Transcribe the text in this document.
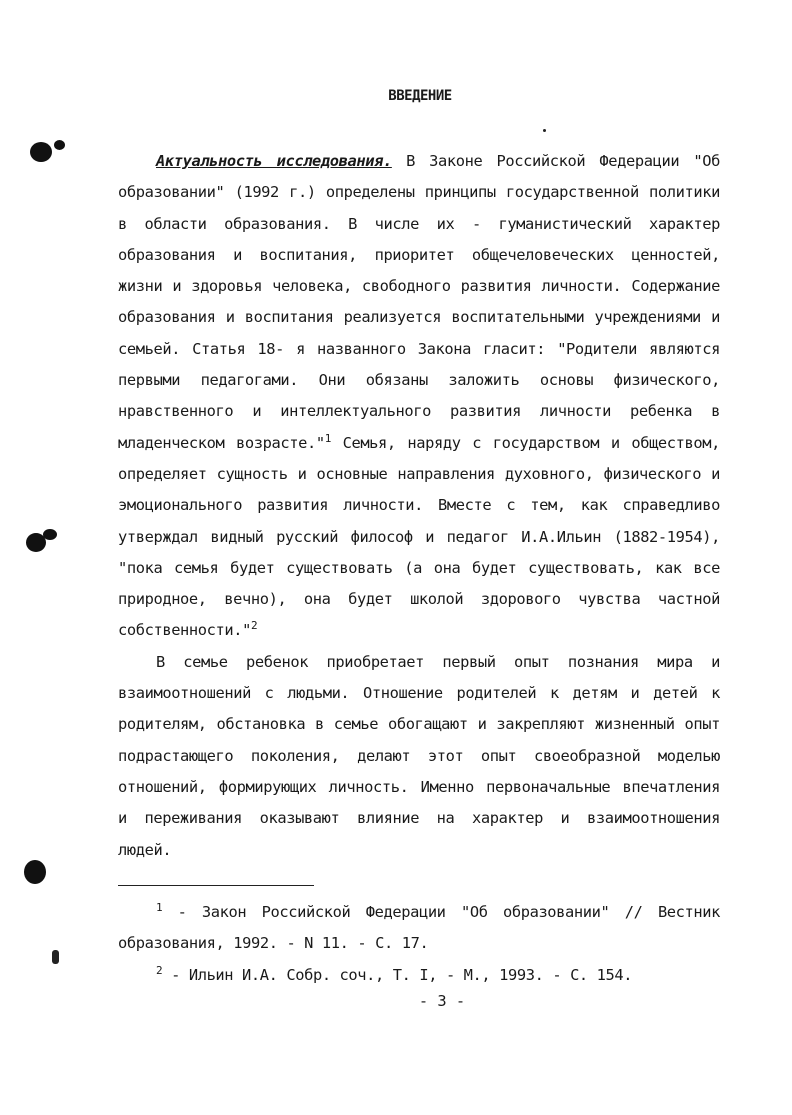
ВВЕДЕНИЕ

Актуальность исследования. В Законе Российской Федерации "Об образовании" (1992 г.) определены принципы государственной политики в области образования. В числе их - гуманистический характер образования и воспитания, приоритет общечеловеческих ценностей, жизни и здоровья человека, свободного развития личности. Содержание образования и воспитания реализуется воспитательными учреждениями и семьей. Статья 18- я названного Закона гласит: "Родители являются первыми педагогами. Они обязаны заложить основы физического, нравственного и интеллектуального развития личности ребенка в младенческом возрасте."$^1$ Семья, наряду с государством и обществом, определяет сущность и основные направления духовного, физического и эмоционального развития личности. Вместе с тем, как справедливо утверждал видный русский философ и педагог И.А.Ильин (1882-1954), "пока семья будет существовать (а она будет существовать, как все природное, вечно), она будет школой здорового чувства частной собственности."$^2$

В семье ребенок приобретает первый опыт познания мира и взаимоотношений с людьми. Отношение родителей к детям и детей к родителям, обстановка в семье обогащают и закрепляют жизненный опыт подрастающего поколения, делают этот опыт своеобразной моделью отношений, формирующих личность. Именно первоначальные впечатления и переживания оказывают влияние на характер и взаимоотношения людей.

$^1$ - Закон Российской Федерации "Об образовании" // Вестник образования, 1992. - N 11. - С. 17.

$^2$ - Ильин И.А. Собр. соч., Т. I, - М., 1993. - С. 154.

- 3 -
